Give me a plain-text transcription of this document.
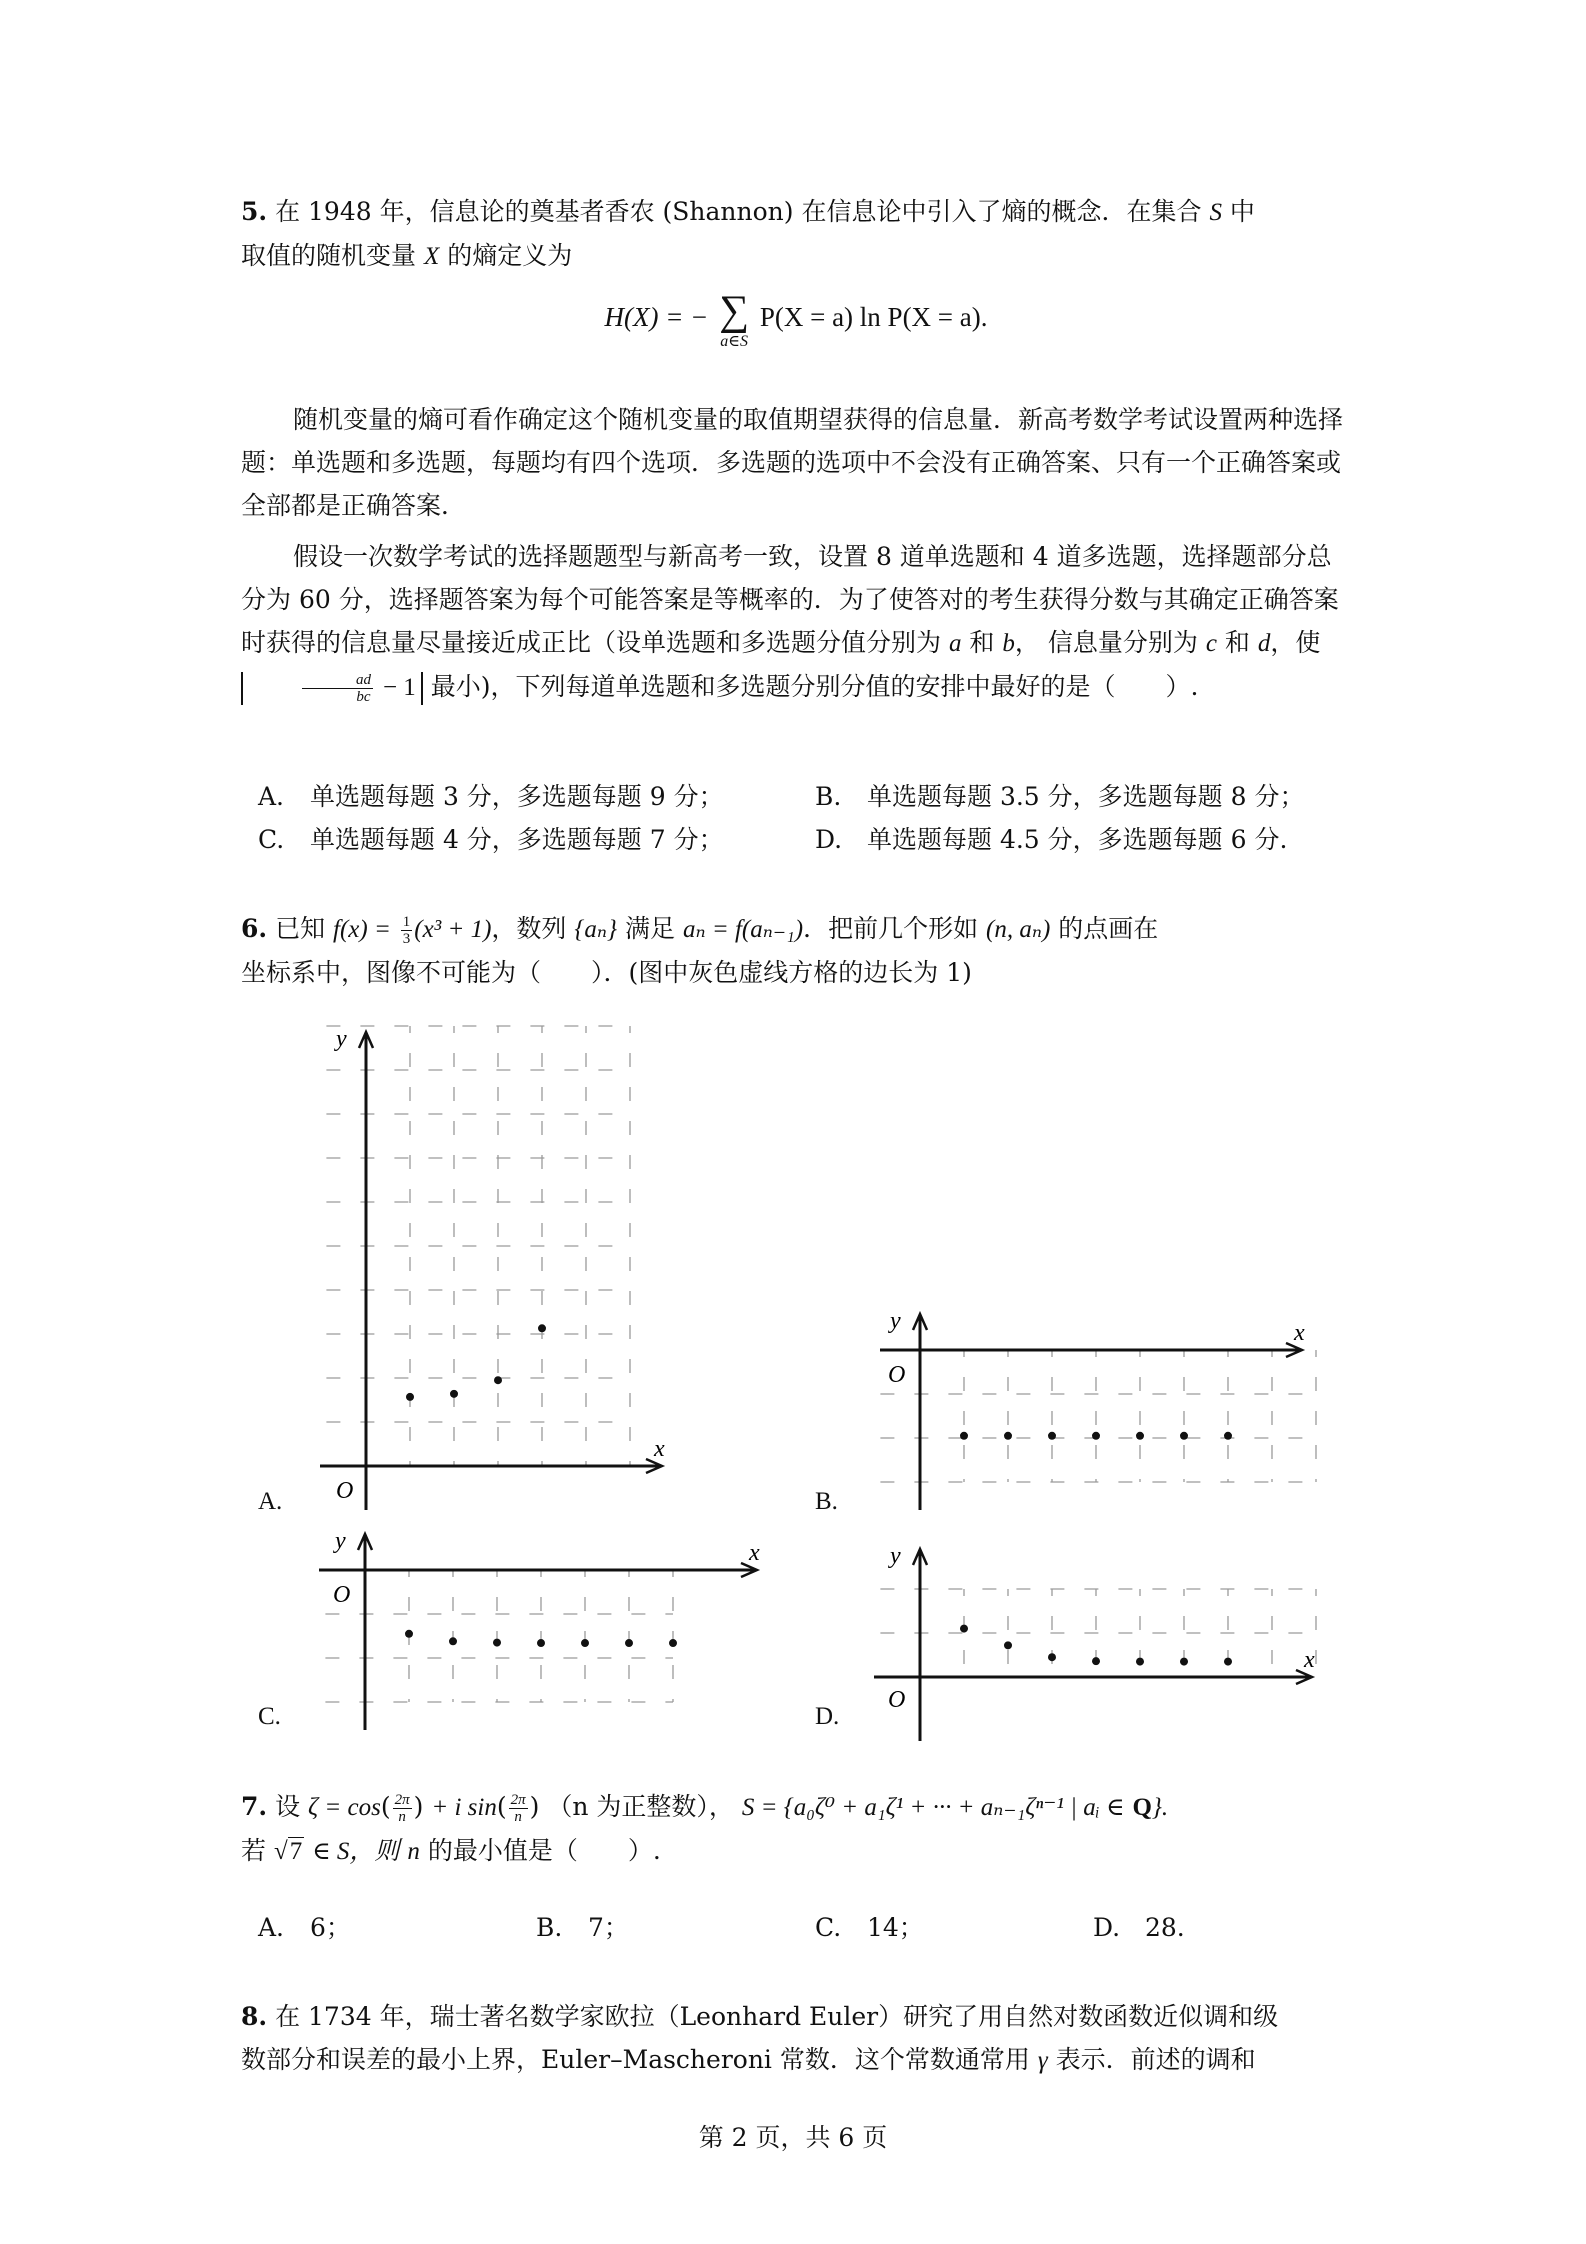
5. 在 1948 年，信息论的奠基者香农 (Shannon) 在信息论中引入了熵的概念．在集合 S 中
取值的随机变量 X 的熵定义为
H(X) = − ∑
a∈S
P(X = a) ln P(X = a).
随机变量的熵可看作确定这个随机变量的取值期望获得的信息量．新高考数学考试设置两种选择题：单选题和多选题，每题均有四个选项．多选题的选项中不会没有正确答案、只有一个正确答案或全部都是正确答案．
假设一次数学考试的选择题题型与新高考一致，设置 8 道单选题和 4 道多选题，选择题部分总分为 60 分，选择题答案为每个可能答案是等概率的．为了使答对的考生获得分数与其确定正确答案时获得的信息量尽量接近成正比（设单选题和多选题分值分别为 a 和 b， 信息量分别为 c 和 d，使
$\frac{ad}{bc} - 1$ 最小)，下列每道单选题和多选题分别分值的安排中最好的是（　　）.
A. 单选题每题 3 分，多选题每题 9 分；	B. 单选题每题 3.5 分，多选题每题 8 分；
C. 单选题每题 4 分，多选题每题 7 分；	D. 单选题每题 4.5 分，多选题每题 6 分.
6. 已知 $f(x) = \frac{1}{3} (x^3 + 1)$，数列 {aₙ} 满足 aₙ = f(aₙ₋₁)．把前几个形如 (n, aₙ) 的点画在
坐标系中，图像不可能为（　　）．(图中灰色虚线方格的边长为 1)
x
y
O
A.
x
y
O
B.
x
y
O
C.
x
y
O
D.
7. 设 $\zeta = \cos( \frac{2\pi}{n}$ ) + i $\sin( \frac{2\pi}{n}$ ) （n 为正整数）， S = {a₀ζ⁰ + a₁ζ¹ + ··· + aₙ₋₁ζⁿ⁻¹ | aᵢ ∈ Q}.
若 √7 ∈ S，则 n 的最小值是（　　）.
A. 6；	B. 7；	C. 14；	D. 28.
8. 在 1734 年，瑞士著名数学家欧拉（Leonhard Euler）研究了用自然对数函数近似调和级
数部分和误差的最小上界，Euler–Mascheroni 常数．这个常数通常用 γ 表示．前述的调和
第 2 页，共 6 页
